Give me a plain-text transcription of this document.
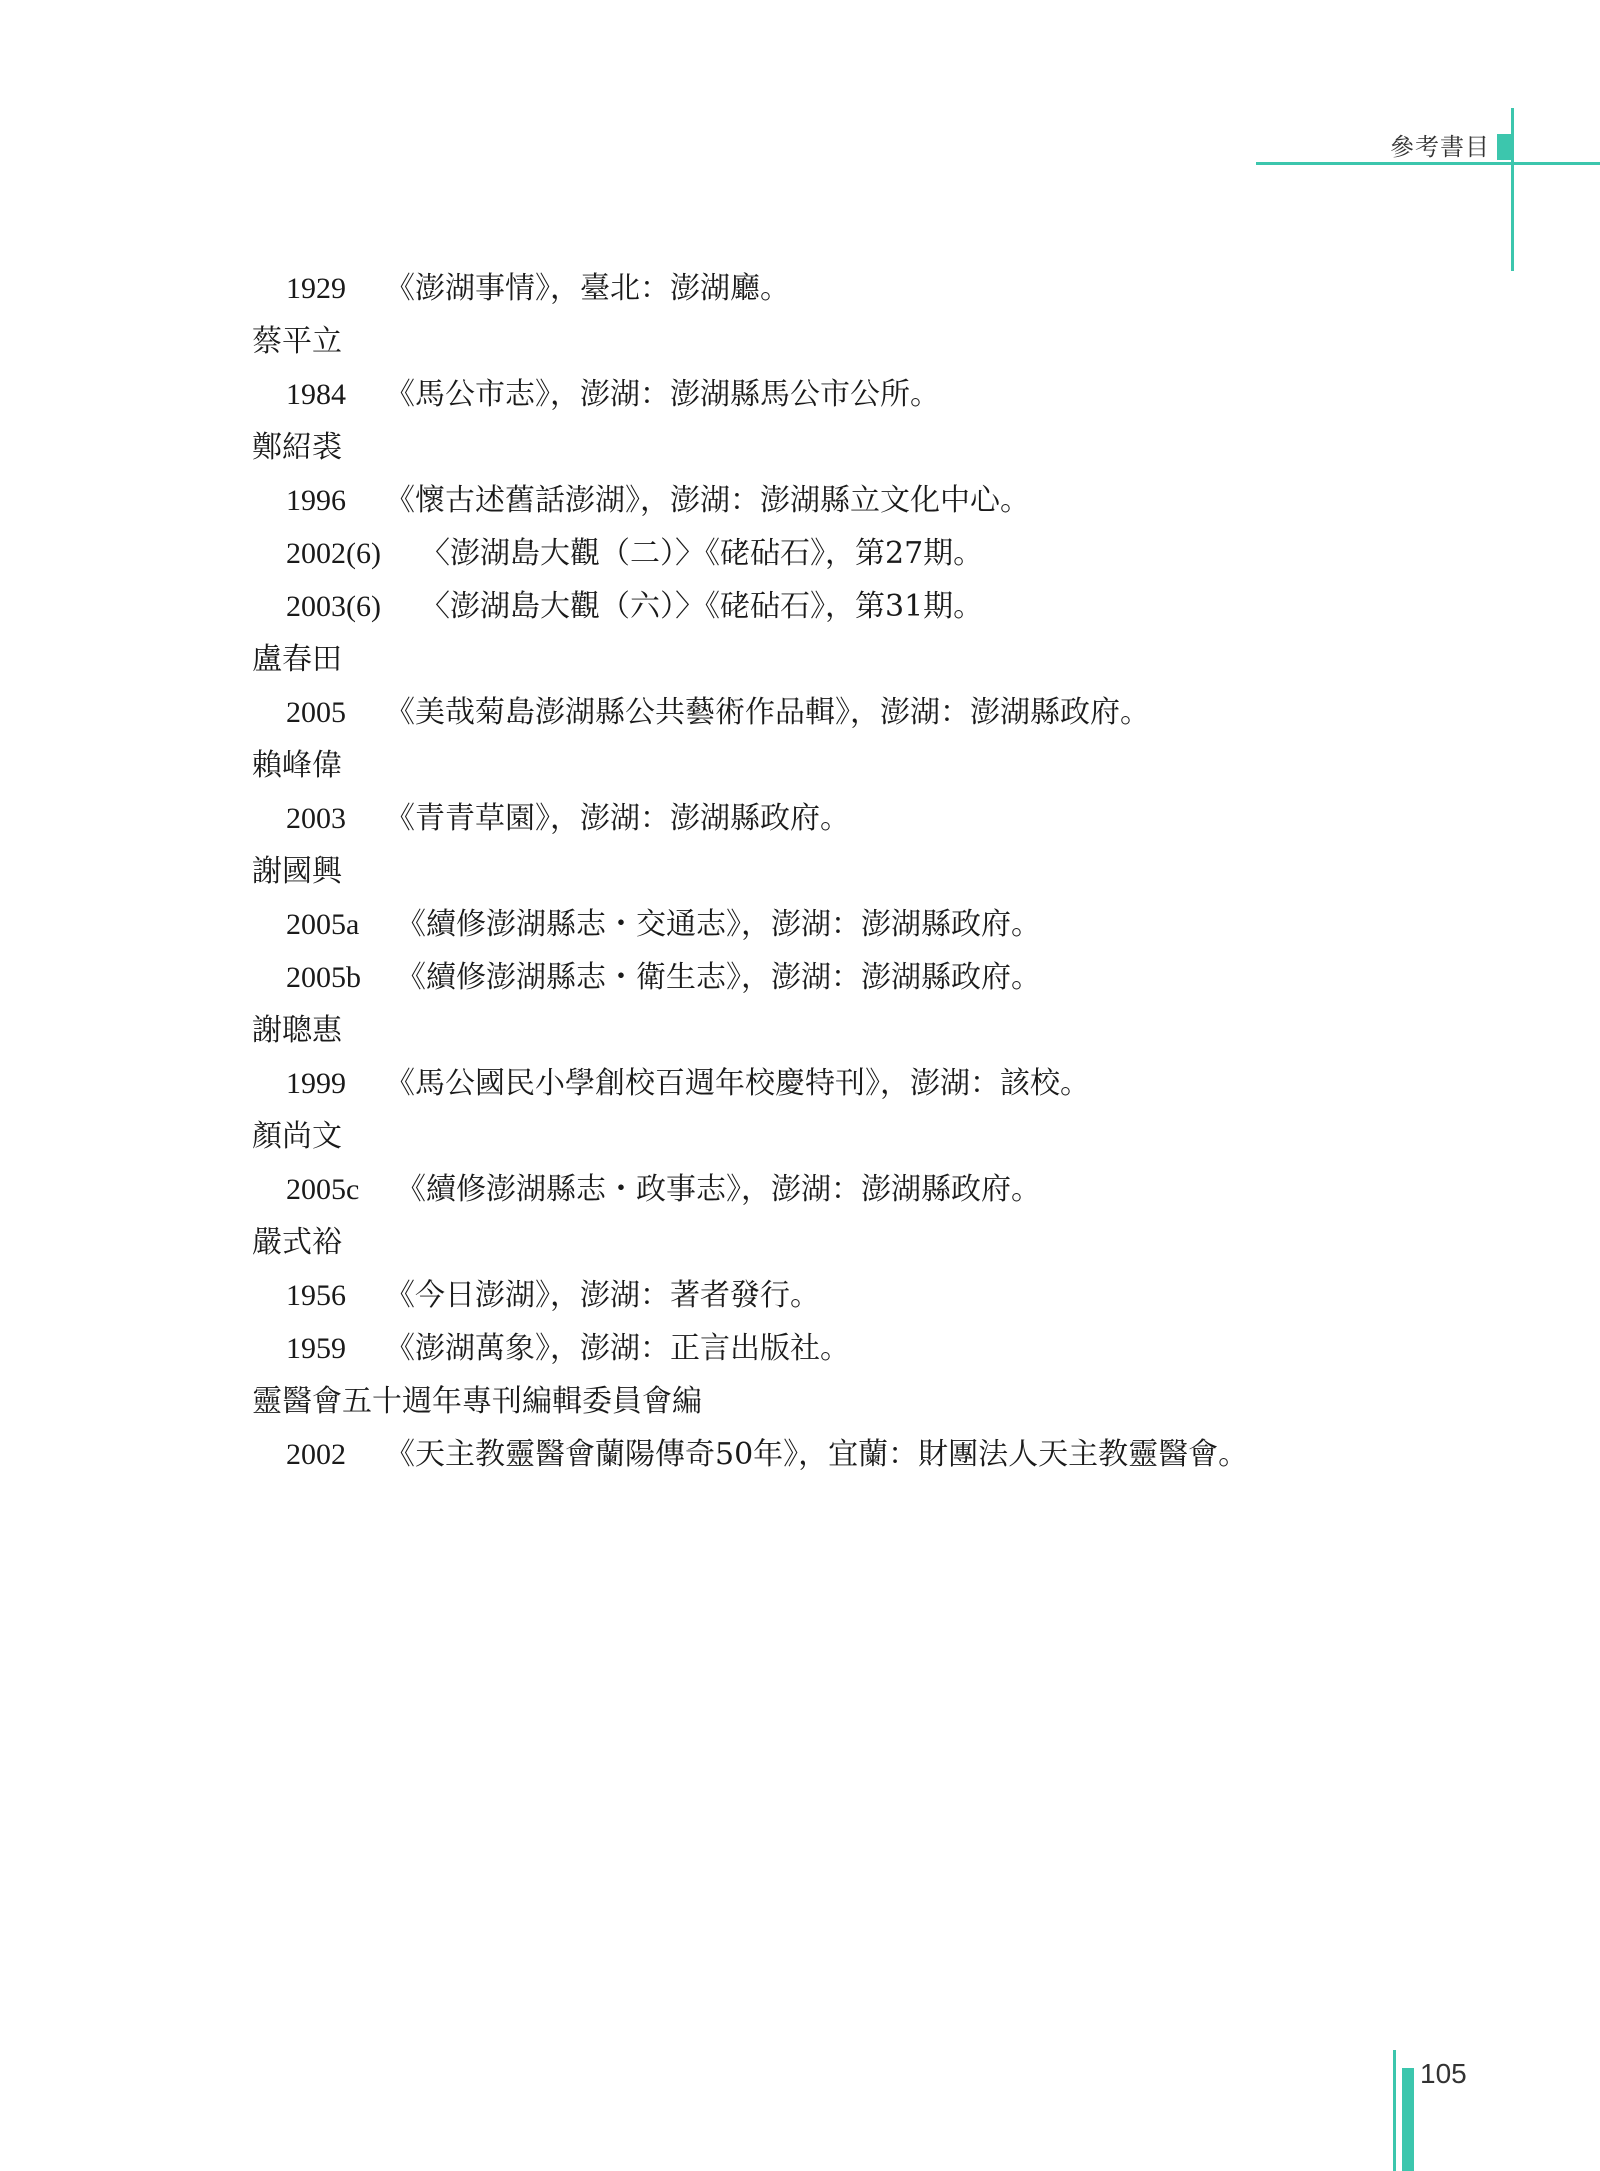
參考書目
1929 《澎湖事情》，臺北：澎湖廳。
蔡平立
1984 《馬公市志》，澎湖：澎湖縣馬公市公所。
鄭紹裘
1996 《懷古述舊話澎湖》，澎湖：澎湖縣立文化中心。
2002(6) 〈澎湖島大觀（二）〉《硓砧石》，第27期。
2003(6) 〈澎湖島大觀（六）〉《硓砧石》，第31期。
盧春田
2005 《美哉菊島澎湖縣公共藝術作品輯》，澎湖：澎湖縣政府。
賴峰偉
2003 《青青草園》，澎湖：澎湖縣政府。
謝國興
2005a 《續修澎湖縣志・交通志》，澎湖：澎湖縣政府。
2005b 《續修澎湖縣志・衛生志》，澎湖：澎湖縣政府。
謝聰惠
1999 《馬公國民小學創校百週年校慶特刊》，澎湖：該校。
顏尚文
2005c 《續修澎湖縣志・政事志》，澎湖：澎湖縣政府。
嚴式裕
1956 《今日澎湖》，澎湖：著者發行。
1959 《澎湖萬象》，澎湖：正言出版社。
靈醫會五十週年專刊編輯委員會編
2002 《天主教靈醫會蘭陽傳奇50年》，宜蘭：財團法人天主教靈醫會。
105
